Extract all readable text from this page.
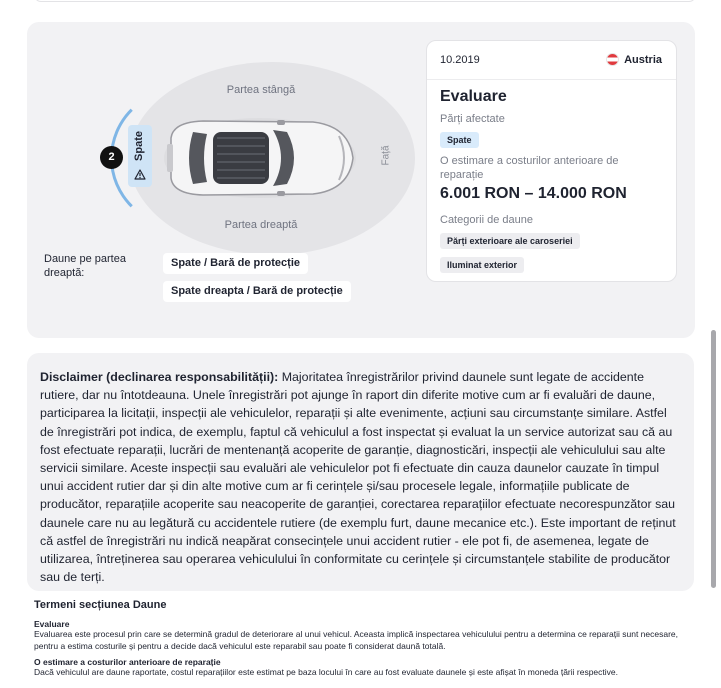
Partea stângă
Partea dreaptă
Față
2	Spate
Daune pe partea dreaptă:
Spate / Bară de protecție
Spate dreapta / Bară de protecție
10.2019	Austria
Evaluare
Părți afectate
Spate
O estimare a costurilor anterioare de reparație
6.001 RON – 14.000 RON
Categorii de daune
Părți exterioare ale caroseriei
Iluminat exterior

Disclaimer (declinarea responsabilității): Majoritatea înregistrărilor privind daunele sunt legate de accidente rutiere, dar nu întotdeauna. Unele înregistrări pot ajunge în raport din diferite motive cum ar fi evaluări de daune, participarea la licitații, inspecții ale vehiculelor, reparații și alte evenimente, acțiuni sau circumstanțe similare. Astfel de înregistrări pot indica, de exemplu, faptul că vehiculul a fost inspectat și evaluat la un service autorizat sau că au fost efectuate reparații, lucrări de mentenanță acoperite de garanție, diagnosticări, inspecții ale vehiculului sau alte servicii similare. Aceste inspecții sau evaluări ale vehiculelor pot fi efectuate din cauza daunelor cauzate în timpul unui accident rutier dar și din alte motive cum ar fi cerințele și/sau procesele legale, informațiile publicate de producător, reparațiile acoperite sau neacoperite de garanției, corectarea reparațiilor efectuate necorespunzător sau daunele care nu au legătură cu accidentele rutiere (de exemplu furt, daune mecanice etc.). Este important de reținut că astfel de înregistrări nu indică neapărat consecințele unui accident rutier - ele pot fi, de asemenea, legate de utilizarea, întreținerea sau operarea vehiculului în conformitate cu cerințele și circumstanțele stabilite de producător sau de terți.

Termeni secțiunea Daune
Evaluare
Evaluarea este procesul prin care se determină gradul de deteriorare al unui vehicul. Aceasta implică inspectarea vehiculului pentru a determina ce reparații sunt necesare, pentru a estima costurile și pentru a decide dacă vehiculul este reparabil sau poate fi considerat daună totală.
O estimare a costurilor anterioare de reparație
Dacă vehiculul are daune raportate, costul reparațiilor este estimat pe baza locului în care au fost evaluate daunele și este afișat în moneda țării respective.
